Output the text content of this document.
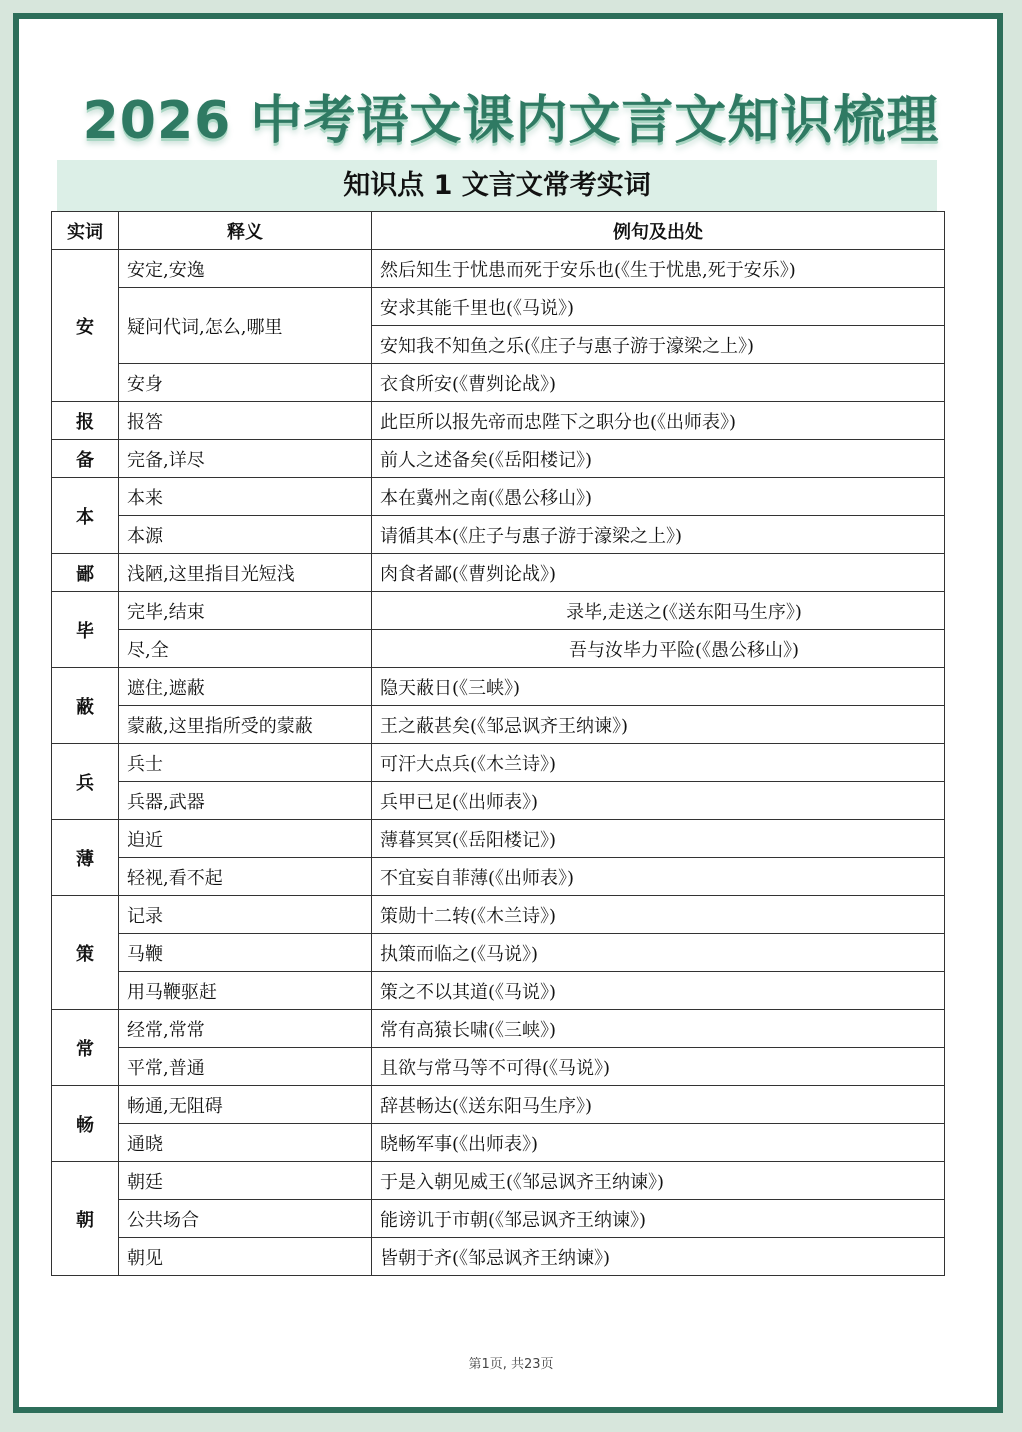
2026 中考语文课内文言文知识梳理
知识点 1 文言文常考实词
实词	释义	例句及出处
安	安定,安逸	然后知生于忧患而死于安乐也(《生于忧患,死于安乐》)
	疑问代词,怎么,哪里	安求其能千里也(《马说》)
		安知我不知鱼之乐(《庄子与惠子游于濠梁之上》)
	安身	衣食所安(《曹刿论战》)
报	报答	此臣所以报先帝而忠陛下之职分也(《出师表》)
备	完备,详尽	前人之述备矣(《岳阳楼记》)
本	本来	本在冀州之南(《愚公移山》)
	本源	请循其本(《庄子与惠子游于濠梁之上》)
鄙	浅陋,这里指目光短浅	肉食者鄙(《曹刿论战》)
毕	完毕,结束	录毕,走送之(《送东阳马生序》)
	尽,全	吾与汝毕力平险(《愚公移山》)
蔽	遮住,遮蔽	隐天蔽日(《三峡》)
	蒙蔽,这里指所受的蒙蔽	王之蔽甚矣(《邹忌讽齐王纳谏》)
兵	兵士	可汗大点兵(《木兰诗》)
	兵器,武器	兵甲已足(《出师表》)
薄	迫近	薄暮冥冥(《岳阳楼记》)
	轻视,看不起	不宜妄自菲薄(《出师表》)
策	记录	策勋十二转(《木兰诗》)
	马鞭	执策而临之(《马说》)
	用马鞭驱赶	策之不以其道(《马说》)
常	经常,常常	常有高猿长啸(《三峡》)
	平常,普通	且欲与常马等不可得(《马说》)
畅	畅通,无阻碍	辞甚畅达(《送东阳马生序》)
	通晓	晓畅军事(《出师表》)
朝	朝廷	于是入朝见威王(《邹忌讽齐王纳谏》)
	公共场合	能谤讥于市朝(《邹忌讽齐王纳谏》)
	朝见	皆朝于齐(《邹忌讽齐王纳谏》)
第1页, 共23页
